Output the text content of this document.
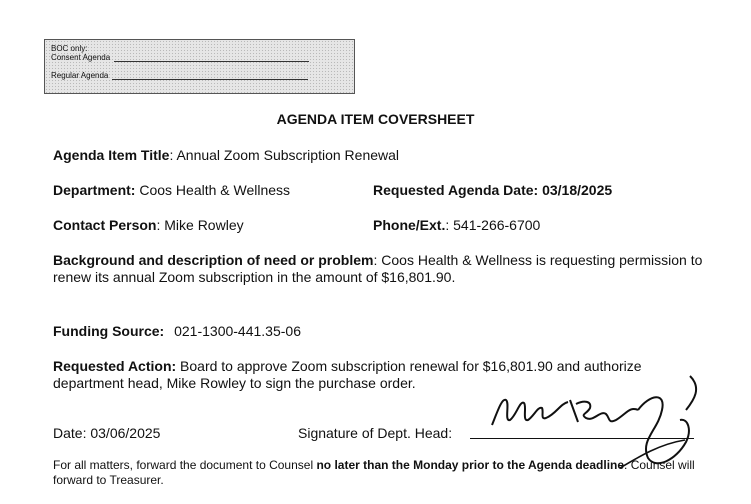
BOC only:
Consent Agenda
Regular Agenda
AGENDA ITEM COVERSHEET
Agenda Item Title: Annual Zoom Subscription Renewal
Department: Coos Health & Wellness	Requested Agenda Date: 03/18/2025
Contact Person: Mike Rowley	Phone/Ext.: 541-266-6700
Background and description of need or problem: Coos Health & Wellness is requesting permission to renew its annual Zoom subscription in the amount of $16,801.90.
Funding Source: 021-1300-441.35-06
Requested Action: Board to approve Zoom subscription renewal for $16,801.90 and authorize department head, Mike Rowley to sign the purchase order.
Date: 03/06/2025	Signature of Dept. Head:
For all matters, forward the document to Counsel no later than the Monday prior to the Agenda deadline. Counsel will forward to Treasurer.
